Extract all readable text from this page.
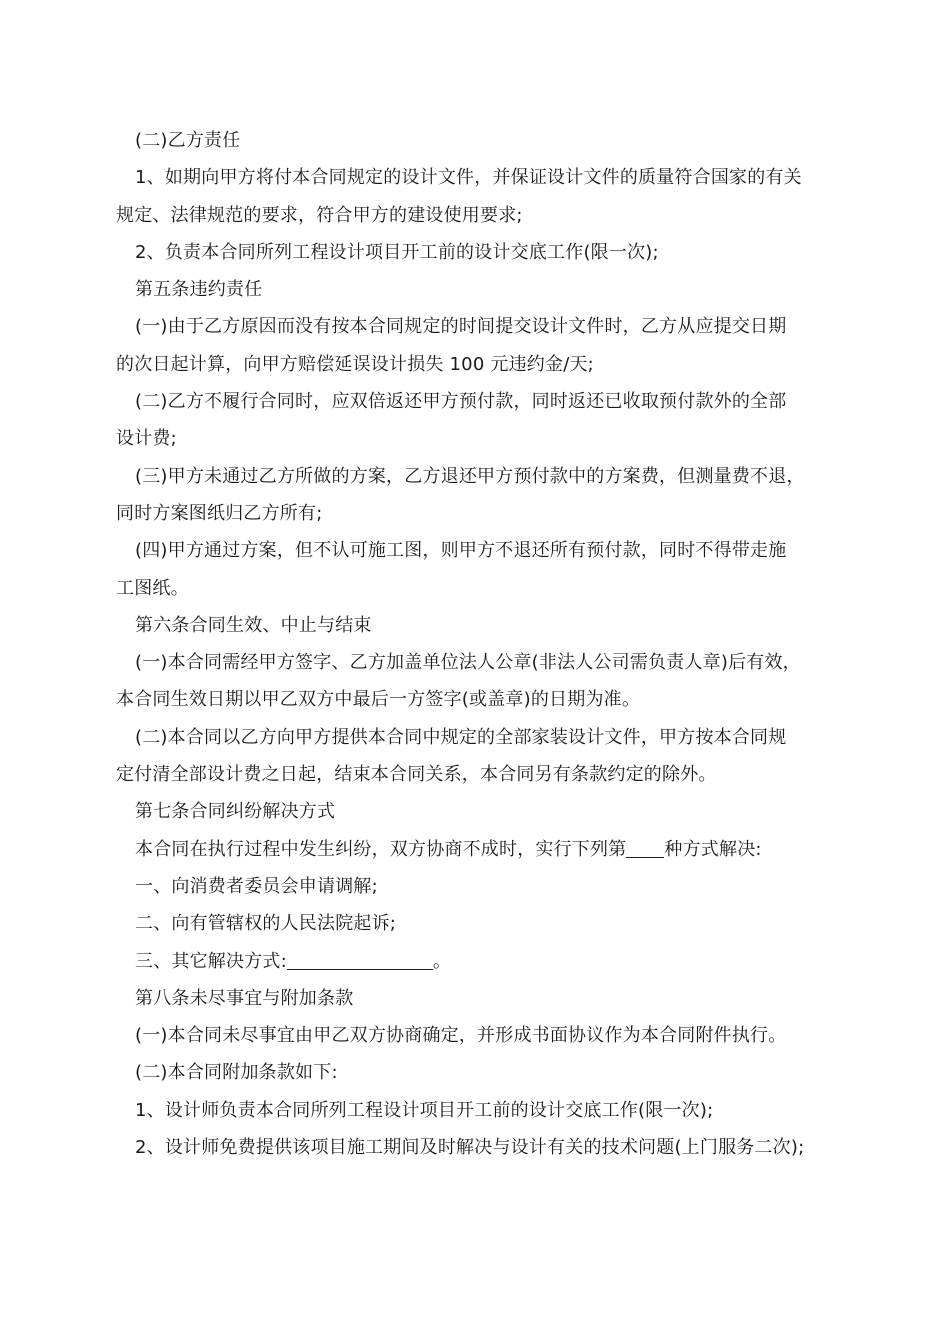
(二)乙方责任
1、如期向甲方将付本合同规定的设计文件，并保证设计文件的质量符合国家的有关
规定、法律规范的要求，符合甲方的建设使用要求;
2、负责本合同所列工程设计项目开工前的设计交底工作(限一次);
第五条违约责任
(一)由于乙方原因而没有按本合同规定的时间提交设计文件时，乙方从应提交日期
的次日起计算，向甲方赔偿延误设计损失 100 元违约金/天;
(二)乙方不履行合同时，应双倍返还甲方预付款，同时返还已收取预付款外的全部
设计费;
(三)甲方未通过乙方所做的方案，乙方退还甲方预付款中的方案费，但测量费不退，
同时方案图纸归乙方所有;
(四)甲方通过方案，但不认可施工图，则甲方不退还所有预付款，同时不得带走施
工图纸。
第六条合同生效、中止与结束
(一)本合同需经甲方签字、乙方加盖单位法人公章(非法人公司需负责人章)后有效，
本合同生效日期以甲乙双方中最后一方签字(或盖章)的日期为准。
(二)本合同以乙方向甲方提供本合同中规定的全部家装设计文件，甲方按本合同规
定付清全部设计费之日起，结束本合同关系，本合同另有条款约定的除外。
第七条合同纠纷解决方式
本合同在执行过程中发生纠纷，双方协商不成时，实行下列第 种方式解决:
一、向消费者委员会申请调解;
二、向有管辖权的人民法院起诉;
三、其它解决方式:	。
第八条未尽事宜与附加条款
(一)本合同未尽事宜由甲乙双方协商确定，并形成书面协议作为本合同附件执行。
(二)本合同附加条款如下:
1、设计师负责本合同所列工程设计项目开工前的设计交底工作(限一次);
2、设计师免费提供该项目施工期间及时解决与设计有关的技术问题(上门服务二次);
